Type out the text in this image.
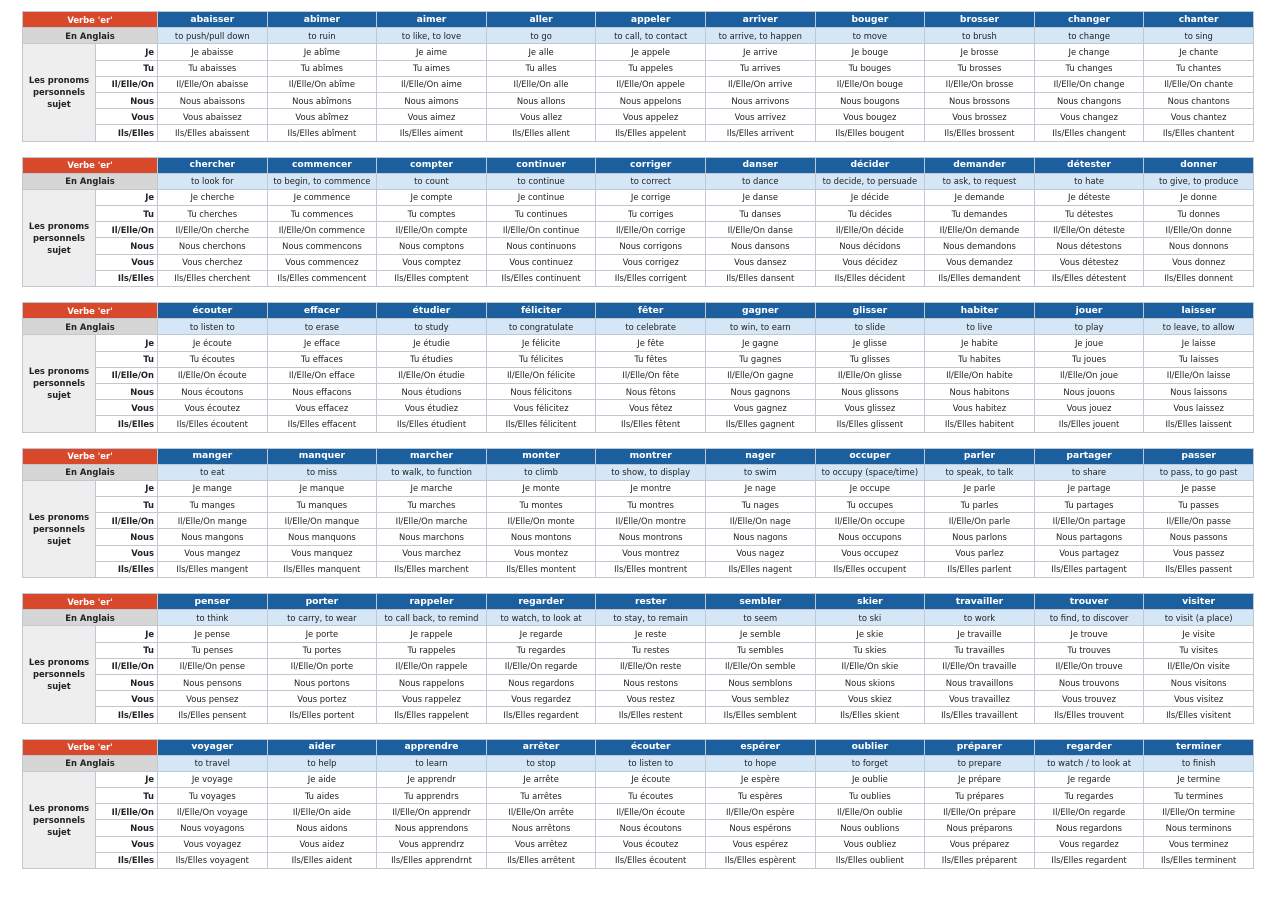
Verbe 'er'		abaisser	abîmer	aimer	aller	appeler	arriver	bouger	brosser	changer	chanter
En Anglais		to push/pull down	to ruin	to like, to love	to go	to call, to contact	to arrive, to happen	to move	to brush	to change	to sing
Les pronoms personnels sujet	Je	Je abaisse	Je abîme	Je aime	Je alle	Je appele	Je arrive	Je bouge	Je brosse	Je change	Je chante
	Tu	Tu abaisses	Tu abîmes	Tu aimes	Tu alles	Tu appeles	Tu arrives	Tu bouges	Tu brosses	Tu changes	Tu chantes
	Il/Elle/On	Il/Elle/On abaisse	Il/Elle/On abîme	Il/Elle/On aime	Il/Elle/On alle	Il/Elle/On appele	Il/Elle/On arrive	Il/Elle/On bouge	Il/Elle/On brosse	Il/Elle/On change	Il/Elle/On chante
	Nous	Nous abaissons	Nous abîmons	Nous aimons	Nous allons	Nous appelons	Nous arrivons	Nous bougons	Nous brossons	Nous changons	Nous chantons
	Vous	Vous abaissez	Vous abîmez	Vous aimez	Vous allez	Vous appelez	Vous arrivez	Vous bougez	Vous brossez	Vous changez	Vous chantez
	Ils/Elles	Ils/Elles abaissent	Ils/Elles abîment	Ils/Elles aiment	Ils/Elles allent	Ils/Elles appelent	Ils/Elles arrivent	Ils/Elles bougent	Ils/Elles brossent	Ils/Elles changent	Ils/Elles chantent
Verbe 'er'		chercher	commencer	compter	continuer	corriger	danser	décider	demander	détester	donner
En Anglais		to look for	to begin, to commence	to count	to continue	to correct	to dance	to decide, to persuade	to ask, to request	to hate	to give, to produce
Les pronoms personnels sujet	Je	Je cherche	Je commence	Je compte	Je continue	Je corrige	Je danse	Je décide	Je demande	Je déteste	Je donne
	Tu	Tu cherches	Tu commences	Tu comptes	Tu continues	Tu corriges	Tu danses	Tu décides	Tu demandes	Tu détestes	Tu donnes
	Il/Elle/On	Il/Elle/On cherche	Il/Elle/On commence	Il/Elle/On compte	Il/Elle/On continue	Il/Elle/On corrige	Il/Elle/On danse	Il/Elle/On décide	Il/Elle/On demande	Il/Elle/On déteste	Il/Elle/On donne
	Nous	Nous cherchons	Nous commencons	Nous comptons	Nous continuons	Nous corrigons	Nous dansons	Nous décidons	Nous demandons	Nous détestons	Nous donnons
	Vous	Vous cherchez	Vous commencez	Vous comptez	Vous continuez	Vous corrigez	Vous dansez	Vous décidez	Vous demandez	Vous détestez	Vous donnez
	Ils/Elles	Ils/Elles cherchent	Ils/Elles commencent	Ils/Elles comptent	Ils/Elles continuent	Ils/Elles corrigent	Ils/Elles dansent	Ils/Elles décident	Ils/Elles demandent	Ils/Elles détestent	Ils/Elles donnent
Verbe 'er'		écouter	effacer	étudier	féliciter	fêter	gagner	glisser	habiter	jouer	laisser
En Anglais		to listen to	to erase	to study	to congratulate	to celebrate	to win, to earn	to slide	to live	to play	to leave, to allow
Les pronoms personnels sujet	Je	Je écoute	Je efface	Je étudie	Je félicite	Je fête	Je gagne	Je glisse	Je habite	Je joue	Je laisse
	Tu	Tu écoutes	Tu effaces	Tu étudies	Tu félicites	Tu fêtes	Tu gagnes	Tu glisses	Tu habites	Tu joues	Tu laisses
	Il/Elle/On	Il/Elle/On écoute	Il/Elle/On efface	Il/Elle/On étudie	Il/Elle/On félicite	Il/Elle/On fête	Il/Elle/On gagne	Il/Elle/On glisse	Il/Elle/On habite	Il/Elle/On joue	Il/Elle/On laisse
	Nous	Nous écoutons	Nous effacons	Nous étudions	Nous félicitons	Nous fêtons	Nous gagnons	Nous glissons	Nous habitons	Nous jouons	Nous laissons
	Vous	Vous écoutez	Vous effacez	Vous étudiez	Vous félicitez	Vous fêtez	Vous gagnez	Vous glissez	Vous habitez	Vous jouez	Vous laissez
	Ils/Elles	Ils/Elles écoutent	Ils/Elles effacent	Ils/Elles étudient	Ils/Elles félicitent	Ils/Elles fêtent	Ils/Elles gagnent	Ils/Elles glissent	Ils/Elles habitent	Ils/Elles jouent	Ils/Elles laissent
Verbe 'er'		manger	manquer	marcher	monter	montrer	nager	occuper	parler	partager	passer
En Anglais		to eat	to miss	to walk, to function	to climb	to show, to display	to swim	to occupy (space/time)	to speak, to talk	to share	to pass, to go past
Les pronoms personnels sujet	Je	Je mange	Je manque	Je marche	Je monte	Je montre	Je nage	Je occupe	Je parle	Je partage	Je passe
	Tu	Tu manges	Tu manques	Tu marches	Tu montes	Tu montres	Tu nages	Tu occupes	Tu parles	Tu partages	Tu passes
	Il/Elle/On	Il/Elle/On mange	Il/Elle/On manque	Il/Elle/On marche	Il/Elle/On monte	Il/Elle/On montre	Il/Elle/On nage	Il/Elle/On occupe	Il/Elle/On parle	Il/Elle/On partage	Il/Elle/On passe
	Nous	Nous mangons	Nous manquons	Nous marchons	Nous montons	Nous montrons	Nous nagons	Nous occupons	Nous parlons	Nous partagons	Nous passons
	Vous	Vous mangez	Vous manquez	Vous marchez	Vous montez	Vous montrez	Vous nagez	Vous occupez	Vous parlez	Vous partagez	Vous passez
	Ils/Elles	Ils/Elles mangent	Ils/Elles manquent	Ils/Elles marchent	Ils/Elles montent	Ils/Elles montrent	Ils/Elles nagent	Ils/Elles occupent	Ils/Elles parlent	Ils/Elles partagent	Ils/Elles passent
Verbe 'er'		penser	porter	rappeler	regarder	rester	sembler	skier	travailler	trouver	visiter
En Anglais		to think	to carry, to wear	to call back, to remind	to watch, to look at	to stay, to remain	to seem	to ski	to work	to find, to discover	to visit (a place)
Les pronoms personnels sujet	Je	Je pense	Je porte	Je rappele	Je regarde	Je reste	Je semble	Je skie	Je travaille	Je trouve	Je visite
	Tu	Tu penses	Tu portes	Tu rappeles	Tu regardes	Tu restes	Tu sembles	Tu skies	Tu travailles	Tu trouves	Tu visites
	Il/Elle/On	Il/Elle/On pense	Il/Elle/On porte	Il/Elle/On rappele	Il/Elle/On regarde	Il/Elle/On reste	Il/Elle/On semble	Il/Elle/On skie	Il/Elle/On travaille	Il/Elle/On trouve	Il/Elle/On visite
	Nous	Nous pensons	Nous portons	Nous rappelons	Nous regardons	Nous restons	Nous semblons	Nous skions	Nous travaillons	Nous trouvons	Nous visitons
	Vous	Vous pensez	Vous portez	Vous rappelez	Vous regardez	Vous restez	Vous semblez	Vous skiez	Vous travaillez	Vous trouvez	Vous visitez
	Ils/Elles	Ils/Elles pensent	Ils/Elles portent	Ils/Elles rappelent	Ils/Elles regardent	Ils/Elles restent	Ils/Elles semblent	Ils/Elles skient	Ils/Elles travaillent	Ils/Elles trouvent	Ils/Elles visitent
Verbe 'er'		voyager	aider	apprendre	arrêter	écouter	espérer	oublier	préparer	regarder	terminer
En Anglais		to travel	to help	to learn	to stop	to listen to	to hope	to forget	to prepare	to watch / to look at	to finish
Les pronoms personnels sujet	Je	Je voyage	Je aide	Je apprendr	Je arrête	Je écoute	Je espère	Je oublie	Je prépare	Je regarde	Je termine
	Tu	Tu voyages	Tu aides	Tu apprendrs	Tu arrêtes	Tu écoutes	Tu espères	Tu oublies	Tu prépares	Tu regardes	Tu termines
	Il/Elle/On	Il/Elle/On voyage	Il/Elle/On aide	Il/Elle/On apprendr	Il/Elle/On arrête	Il/Elle/On écoute	Il/Elle/On espère	Il/Elle/On oublie	Il/Elle/On prépare	Il/Elle/On regarde	Il/Elle/On termine
	Nous	Nous voyagons	Nous aidons	Nous apprendons	Nous arrêtons	Nous écoutons	Nous espérons	Nous oublions	Nous préparons	Nous regardons	Nous terminons
	Vous	Vous voyagez	Vous aidez	Vous apprendrz	Vous arrêtez	Vous écoutez	Vous espérez	Vous oubliez	Vous préparez	Vous regardez	Vous terminez
	Ils/Elles	Ils/Elles voyagent	Ils/Elles aident	Ils/Elles apprendrnt	Ils/Elles arrêtent	Ils/Elles écoutent	Ils/Elles espèrent	Ils/Elles oublient	Ils/Elles préparent	Ils/Elles regardent	Ils/Elles terminent
